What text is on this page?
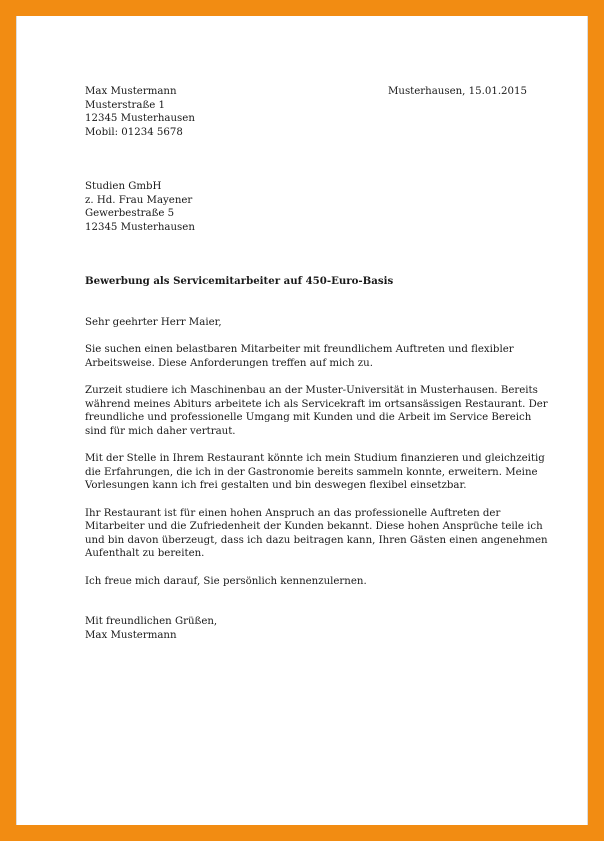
Max Mustermann
Musterstraße 1
12345 Musterhausen
Mobil: 01234 5678
Musterhausen, 15.01.2015
Studien GmbH
z. Hd. Frau Mayener
Gewerbestraße 5
12345 Musterhausen
Bewerbung als Servicemitarbeiter auf 450-Euro-Basis
Sehr geehrter Herr Maier,
Sie suchen einen belastbaren Mitarbeiter mit freundlichem Auftreten und flexibler
Arbeitsweise. Diese Anforderungen treffen auf mich zu.
Zurzeit studiere ich Maschinenbau an der Muster-Universität in Musterhausen. Bereits
während meines Abiturs arbeitete ich als Servicekraft im ortsansässigen Restaurant. Der
freundliche und professionelle Umgang mit Kunden und die Arbeit im Service Bereich
sind für mich daher vertraut.
Mit der Stelle in Ihrem Restaurant könnte ich mein Studium finanzieren und gleichzeitig
die Erfahrungen, die ich in der Gastronomie bereits sammeln konnte, erweitern. Meine
Vorlesungen kann ich frei gestalten und bin deswegen flexibel einsetzbar.
Ihr Restaurant ist für einen hohen Anspruch an das professionelle Auftreten der
Mitarbeiter und die Zufriedenheit der Kunden bekannt. Diese hohen Ansprüche teile ich
und bin davon überzeugt, dass ich dazu beitragen kann, Ihren Gästen einen angenehmen
Aufenthalt zu bereiten.
Ich freue mich darauf, Sie persönlich kennenzulernen.
Mit freundlichen Grüßen,
Max Mustermann
